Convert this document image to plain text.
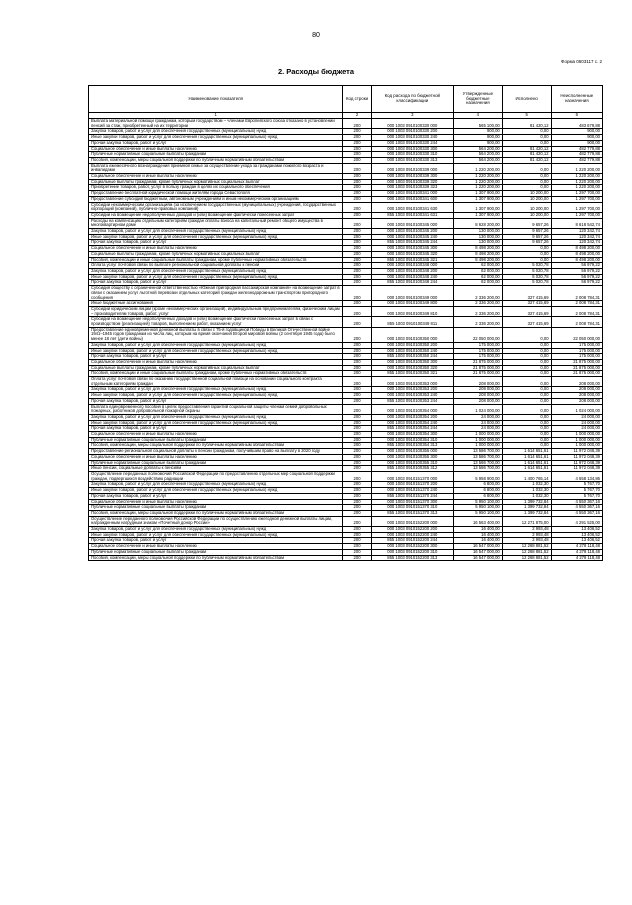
80
Форма 0503117 с. 2
2. Расходы бюджета
Наименование показателя	Код строки	Код расхода по бюджетной классификации	Утвержденные бюджетные назначения	Исполнено	Неисполненные назначения
1	2	3	4	5	6
Выплата материальной помощи гражданам, которым государством – членами Европейского союза отказано в установлении пенсий за стаж, приобретенный на их территории	200	000 1003 0910100330 000	565 100,00	81 420,12	483 679,88
Закупка товаров, работ и услуг для обеспечения государственных (муниципальных) нужд	200	000 1003 0910100330 200	900,00	0,00	900,00
Иные закупки товаров, работ и услуг для обеспечения государственных (муниципальных) нужд	200	000 1003 0910100330 240	900,00	0,00	900,00
Прочая закупка товаров, работ и услуг	200	000 1003 0910100330 244	900,00	0,00	900,00
Социальное обеспечение и иные выплаты населению	200	000 1003 0910100330 300	564 200,00	81 420,12	482 779,88
Публичные нормативные социальные выплаты гражданам	200	000 1003 0910100330 310	564 200,00	81 420,12	482 779,88
Пособия, компенсации, меры социальной поддержки по публичным нормативным обязательствам	200	000 1003 0910100330 313	564 200,00	81 420,12	482 779,88
Выплата ежемесячного вознаграждения приемной семье за осуществление ухода за гражданами пожилого возраста и инвалидами	200	000 1003 0910100339 000	1 220 200,00	0,00	1 220 200,00
Социальное обеспечение и иные выплаты населению	200	000 1003 0910100339 300	1 220 200,00	0,00	1 220 200,00
Социальные выплаты гражданам, кроме публичных нормативных социальных выплат	200	000 1003 0910100339 320	1 220 200,00	0,00	1 220 200,00
Приобретение товаров, работ, услуг в пользу граждан в целях их социального обеспечения	200	000 1003 0910100339 323	1 220 200,00	0,00	1 220 200,00
Предоставление бесплатной юридической помощи жителям города Севастополя	200	000 1003 0910100341 000	1 307 900,00	10 200,00	1 297 700,00
Предоставление субсидий бюджетным, автономным учреждениям и иным некоммерческим организациям	200	000 1003 0910100341 600	1 307 900,00	10 200,00	1 297 700,00
Субсидии некоммерческим организациям (за исключением государственных (муниципальных) учреждений, государственных корпораций (компаний), публично-правовых компаний)	200	000 1003 0910100341 630	1 307 900,00	10 200,00	1 297 700,00
Субсидии на возмещение недополученных доходов и (или) возмещение фактически понесенных затрат	200	855 1003 0910100341 631	1 307 900,00	10 200,00	1 297 700,00
Расходы на компенсацию отдельным категориям граждан оплаты взноса на капитальный ремонт общего имущества в многоквартирном доме	200	000 1003 0910100345 000	8 628 200,00	9 657,26	8 618 542,74
Закупка товаров, работ и услуг для обеспечения государственных (муниципальных) нужд	200	000 1003 0910100345 200	130 000,00	9 657,26	120 342,74
Иные закупки товаров, работ и услуг для обеспечения государственных (муниципальных) нужд	200	000 1003 0910100345 240	130 000,00	9 657,26	120 342,74
Прочая закупка товаров, работ и услуг	200	855 1003 0910100345 244	130 000,00	9 657,26	120 342,74
Социальное обеспечение и иные выплаты населению	200	000 1003 0910100345 300	8 498 200,00	0,00	8 498 200,00
Социальные выплаты гражданам, кроме публичных нормативных социальных выплат	200	000 1003 0910100345 320	8 498 200,00	0,00	8 498 200,00
Пособия, компенсации и иные социальные выплаты гражданам, кроме публичных нормативных обязательств	200	855 1003 0910100345 321	8 498 200,00	0,00	8 498 200,00
Оплата услуг почтовой связи по выплате региональной социальной доплаты к пенсии	200	000 1003 0910100348 000	62 000,00	5 020,78	56 979,22
Закупка товаров, работ и услуг для обеспечения государственных (муниципальных) нужд	200	000 1003 0910100348 200	62 000,00	5 020,78	56 979,22
Иные закупки товаров, работ и услуг для обеспечения государственных (муниципальных) нужд	200	000 1003 0910100348 240	62 000,00	5 020,78	56 979,22
Прочая закупка товаров, работ и услуг	200	855 1003 0910100348 244	62 000,00	5 020,78	56 979,22
Субсидия обществу с ограниченной ответственностью «Южная пригородная пассажирская компания» на возмещение затрат в связи с оказанием услуг льготной перевозки отдельных категорий граждан железнодорожным транспортом пригородного сообщения	200	000 1003 0910100349 000	2 336 200,00	327 415,69	2 008 784,31
Иные бюджетные ассигнования	200	000 1003 0910100349 800	2 336 200,00	327 415,69	2 008 784,31
Субсидии юридическим лицам (кроме некоммерческих организаций), индивидуальным предпринимателям, физическим лицам – производителям товаров, работ, услуг	200	000 1003 0910100349 810	2 336 200,00	327 415,69	2 008 784,31
Субсидии на возмещение недополученных доходов и (или) возмещение фактически понесенных затрат в связи с производством (реализацией) товаров, выполнением работ, оказанием услуг	200	855 1003 0910100349 811	2 336 200,00	327 415,69	2 008 784,31
Предоставление единовременной денежной выплаты в связи с 75-й годовщиной Победы в Великой Отечественной войне 1941–1945 годов гражданам из числа лиц, которым на время окончания Второй мировой войны (2 сентября 1945 года) было менее 18 лет (дети войны)	200	000 1003 0910100350 000	22 050 000,00	0,00	22 050 000,00
Закупка товаров, работ и услуг для обеспечения государственных (муниципальных) нужд	200	000 1003 0910100350 200	175 000,00	0,00	175 000,00
Иные закупки товаров, работ и услуг для обеспечения государственных (муниципальных) нужд	200	000 1003 0910100350 240	175 000,00	0,00	175 000,00
Прочая закупка товаров, работ и услуг	200	855 1003 0910100350 244	175 000,00	0,00	175 000,00
Социальное обеспечение и иные выплаты населению	200	000 1003 0910100350 300	21 875 000,00	0,00	21 875 000,00
Социальные выплаты гражданам, кроме публичных нормативных социальных выплат	200	000 1003 0910100350 320	21 875 000,00	0,00	21 875 000,00
Пособия, компенсации и иные социальные выплаты гражданам, кроме публичных нормативных обязательств	200	855 1003 0910100350 321	21 875 000,00	0,00	21 875 000,00
Оплата услуг почтовой связи по оказанию государственной социальной помощи на основании социального контракта отдельным категориям граждан	200	000 1003 0910100353 000	208 000,00	0,00	208 000,00
Закупка товаров, работ и услуг для обеспечения государственных (муниципальных) нужд	200	000 1003 0910100353 200	208 000,00	0,00	208 000,00
Иные закупки товаров, работ и услуг для обеспечения государственных (муниципальных) нужд	200	000 1003 0910100353 240	208 000,00	0,00	208 000,00
Прочая закупка товаров, работ и услуг	200	855 1003 0910100353 244	208 000,00	0,00	208 000,00
Выплата единовременного пособия в целях предоставления гарантий социальной защиты членам семей добровольных пожарных, работников добровольной пожарной охраны	200	000 1003 0910100354 000	1 024 000,00	0,00	1 024 000,00
Закупка товаров, работ и услуг для обеспечения государственных (муниципальных) нужд	200	000 1003 0910100354 200	24 000,00	0,00	24 000,00
Иные закупки товаров, работ и услуг для обеспечения государственных (муниципальных) нужд	200	000 1003 0910100354 240	24 000,00	0,00	24 000,00
Прочая закупка товаров, работ и услуг	200	855 1003 0910100354 244	24 000,00	0,00	24 000,00
Социальное обеспечение и иные выплаты населению	200	000 1003 0910100354 300	1 000 000,00	0,00	1 000 000,00
Публичные нормативные социальные выплаты гражданам	200	000 1003 0910100354 310	1 000 000,00	0,00	1 000 000,00
Пособия, компенсации, меры социальной поддержки по публичным нормативным обязательствам	200	855 1003 0910100354 313	1 000 000,00	0,00	1 000 000,00
Предоставление региональной социальной доплаты к пенсии гражданам, получившим право на выплату в 2020 году	200	000 1003 0910100355 000	13 586 700,00	1 614 651,61	11 972 048,39
Социальное обеспечение и иные выплаты населению	200	000 1003 0910100355 300	13 586 700,00	1 614 651,61	11 972 048,39
Публичные нормативные социальные выплаты гражданам	200	000 1003 0910100355 310	13 586 700,00	1 614 651,61	11 972 048,39
Иные пенсии, социальные доплаты к пенсиям	200	855 1003 0910100355 312	13 586 700,00	1 614 651,61	11 972 048,39
Осуществление переданных полномочий Российской Федерации по предоставлению отдельных мер социальной поддержки граждан, подвергшихся воздействию радиации	200	000 1003 0910151370 000	5 958 900,00	1 400 765,14	4 558 134,86
Закупка товаров, работ и услуг для обеспечения государственных (муниципальных) нужд	200	000 1003 0910151370 200	6 800,00	1 032,30	5 767,70
Иные закупки товаров, работ и услуг для обеспечения государственных (муниципальных) нужд	200	000 1003 0910151370 240	6 800,00	1 032,30	5 767,70
Прочая закупка товаров, работ и услуг	200	855 1003 0910151370 244	6 800,00	1 032,30	5 767,70
Социальное обеспечение и иные выплаты населению	200	000 1003 0910151370 300	5 950 100,00	1 399 732,84	4 550 367,16
Публичные нормативные социальные выплаты гражданам	200	000 1003 0910151370 310	5 950 100,00	1 399 732,84	4 550 367,16
Пособия, компенсации, меры социальной поддержки по публичным нормативным обязательствам	200	855 1003 0910151370 313	5 950 100,00	1 399 732,84	4 550 367,16
Осуществление переданного полномочия Российской Федерации по осуществлению ежегодной денежной выплаты лицам, награжденным нагрудным знаком «Почетный донор России»	200	000 1003 0910152200 000	16 563 400,00	12 271 875,00	4 291 525,00
Закупка товаров, работ и услуг для обеспечения государственных (муниципальных) нужд	200	000 1003 0910152200 200	16 400,00	2 993,48	13 406,52
Иные закупки товаров, работ и услуг для обеспечения государственных (муниципальных) нужд	200	000 1003 0910152200 240	16 400,00	2 993,48	13 406,52
Прочая закупка товаров, работ и услуг	200	855 1003 0910152200 244	16 400,00	2 993,48	13 406,52
Социальное обеспечение и иные выплаты населению	200	000 1003 0910152200 300	16 547 000,00	12 268 881,52	4 278 118,48
Публичные нормативные социальные выплаты гражданам	200	000 1003 0910152200 310	16 547 000,00	12 268 881,52	4 278 118,48
Пособия, компенсации, меры социальной поддержки по публичным нормативным обязательствам	200	855 1003 0910152200 313	16 547 000,00	12 268 881,52	4 278 118,48
